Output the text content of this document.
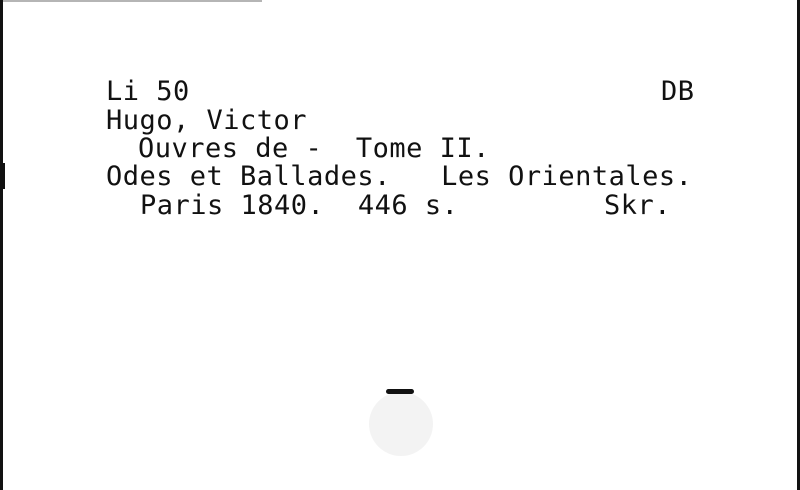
Li 50	DB
Hugo, Victor
Ouvres de -  Tome II.
Odes et Ballades.   Les Orientales.
Paris 1840.  446 s.	Skr.
